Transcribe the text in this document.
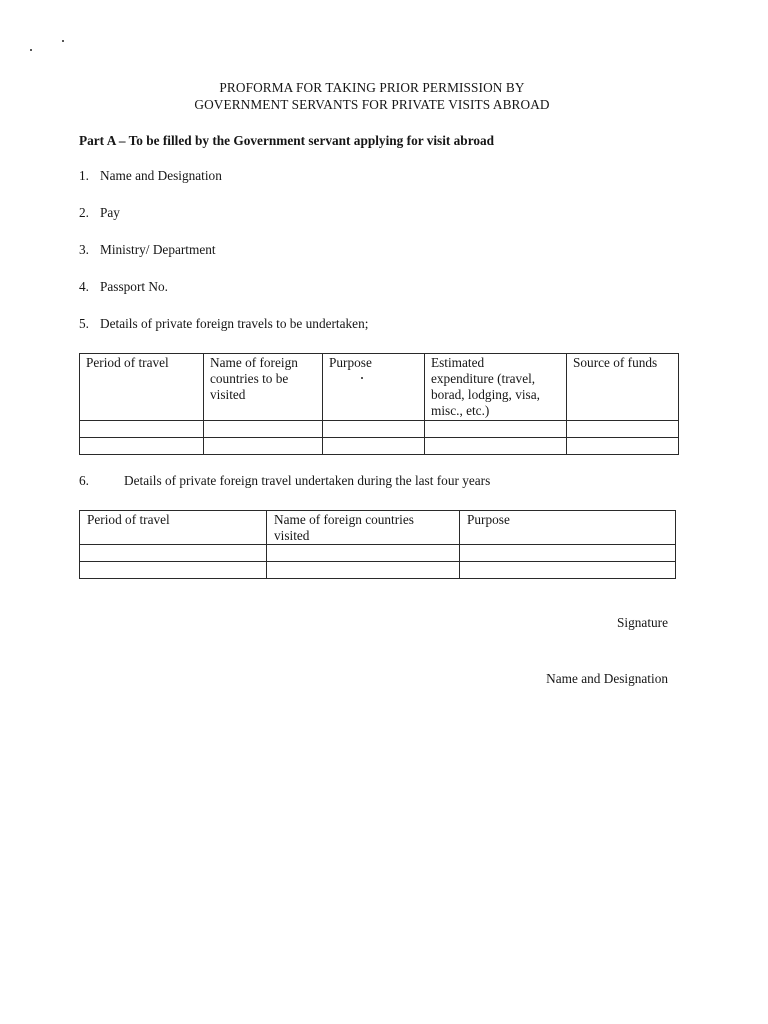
PROFORMA FOR TAKING PRIOR PERMISSION BY
GOVERNMENT SERVANTS FOR PRIVATE VISITS ABROAD
Part A – To be filled by the Government servant applying for visit abroad
1. Name and Designation
2. Pay
3. Ministry/ Department
4. Passport No.
5. Details of private foreign travels to be undertaken;
Period of travel	Name of foreign
countries to be
visited	Purpose	Estimated
expenditure (travel,
borad, lodging, visa,
misc., etc.)	Source of funds

6.	Details of private foreign travel undertaken during the last four years
Period of travel	Name of foreign countries
visited	Purpose

Signature
Name and Designation
